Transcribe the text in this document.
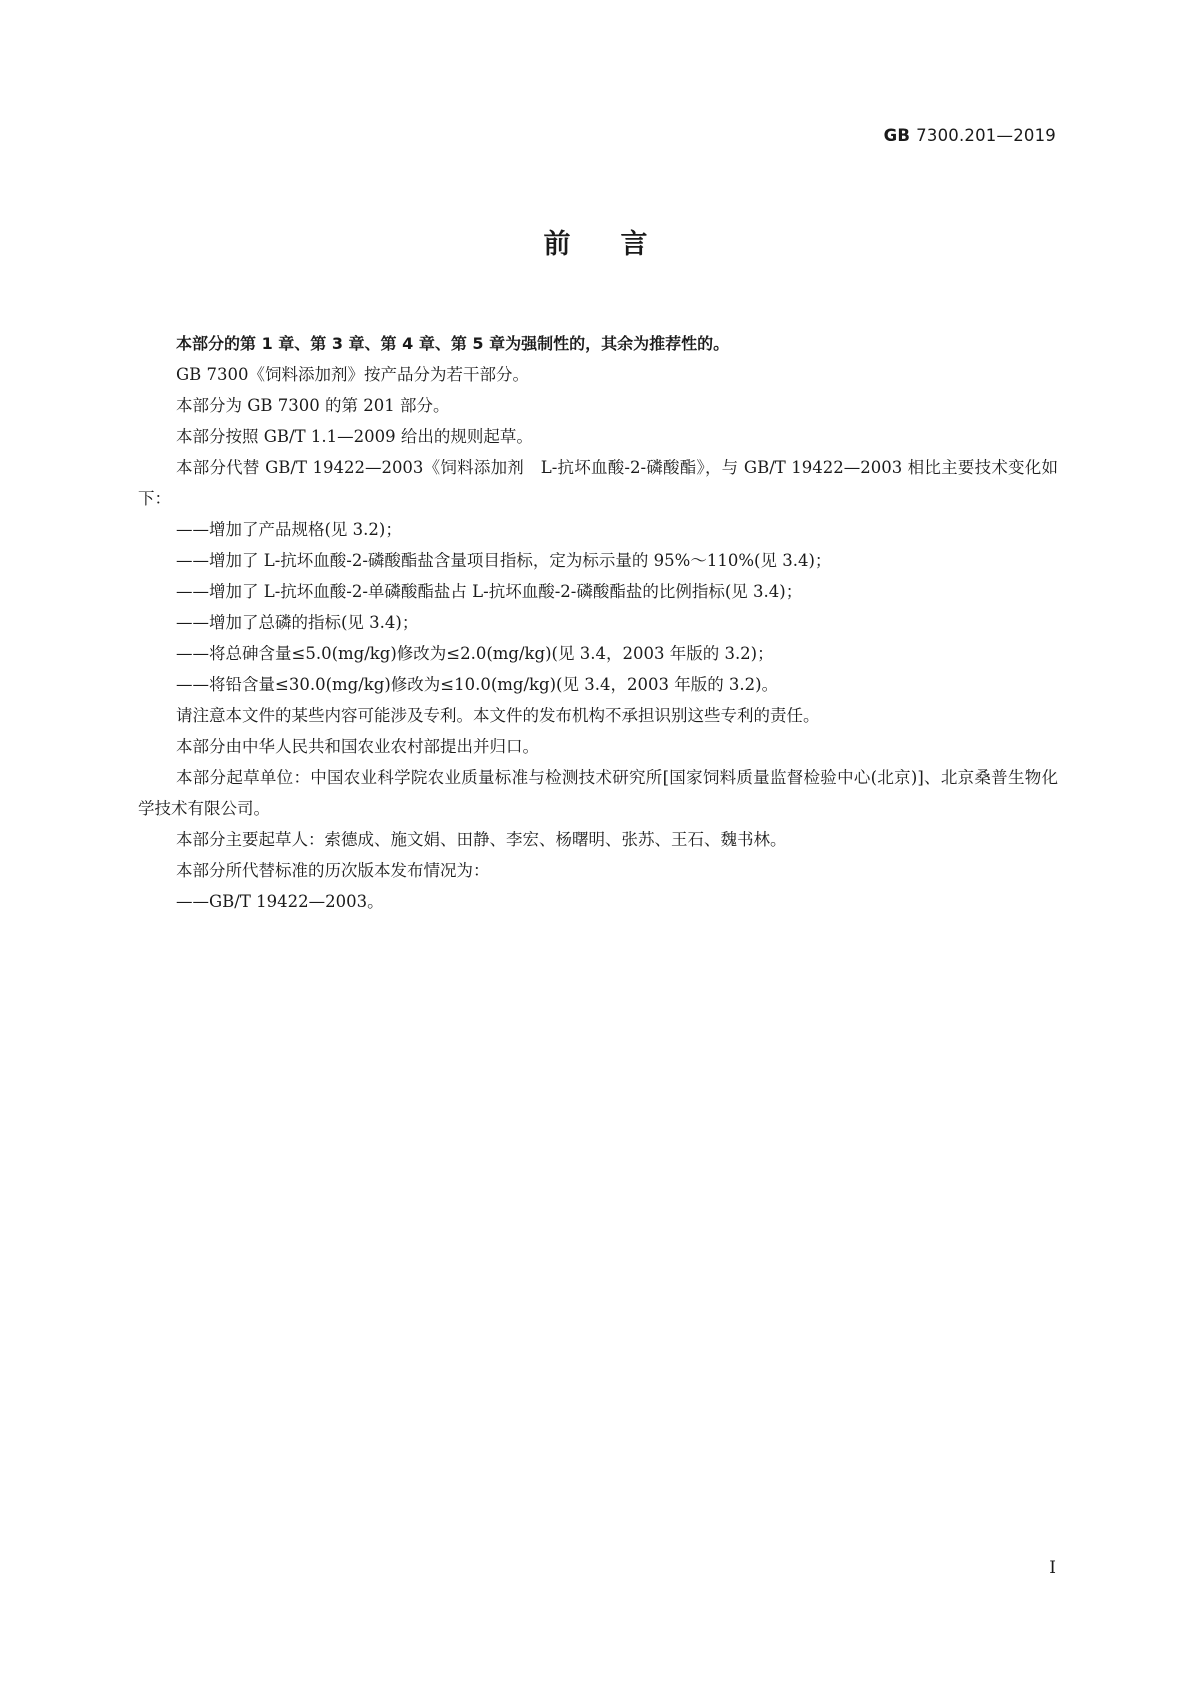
GB 7300.201—2019
前言

本部分的第 1 章、第 3 章、第 4 章、第 5 章为强制性的，其余为推荐性的。

GB 7300《饲料添加剂》按产品分为若干部分。

本部分为 GB 7300 的第 201 部分。

本部分按照 GB/T 1.1—2009 给出的规则起草。

本部分代替 GB/T 19422—2003《饲料添加剂　L-抗坏血酸-2-磷酸酯》，与 GB/T 19422—2003 相比主要技术变化如下：

——增加了产品规格(见 3.2)；

——增加了 L-抗坏血酸-2-磷酸酯盐含量项目指标，定为标示量的 95%～110%(见 3.4)；

——增加了 L-抗坏血酸-2-单磷酸酯盐占 L-抗坏血酸-2-磷酸酯盐的比例指标(见 3.4)；

——增加了总磷的指标(见 3.4)；

——将总砷含量≤5.0(mg/kg)修改为≤2.0(mg/kg)(见 3.4，2003 年版的 3.2)；

——将铅含量≤30.0(mg/kg)修改为≤10.0(mg/kg)(见 3.4，2003 年版的 3.2)。

请注意本文件的某些内容可能涉及专利。本文件的发布机构不承担识别这些专利的责任。

本部分由中华人民共和国农业农村部提出并归口。

本部分起草单位：中国农业科学院农业质量标准与检测技术研究所[国家饲料质量监督检验中心(北京)]、北京桑普生物化学技术有限公司。

本部分主要起草人：索德成、施文娟、田静、李宏、杨曙明、张苏、王石、魏书林。

本部分所代替标准的历次版本发布情况为：

——GB/T 19422—2003。

I
